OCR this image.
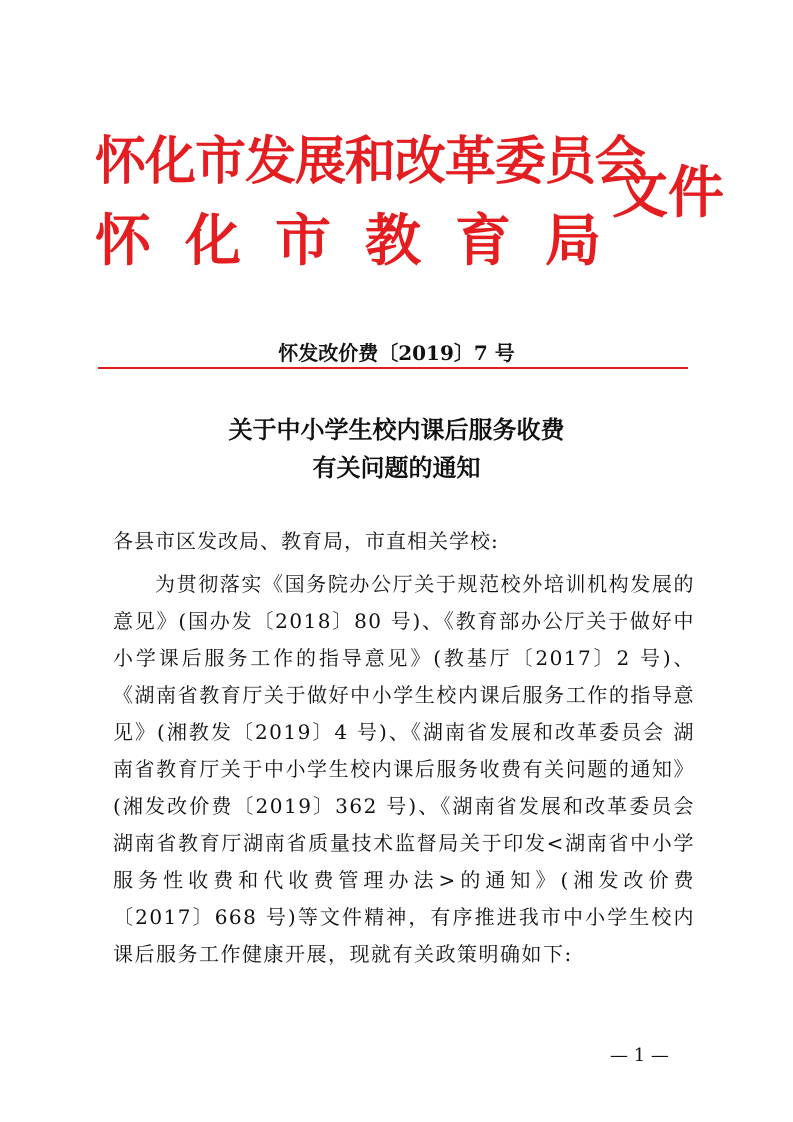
怀化市发展和改革委员会
怀化市教育局
文件
怀发改价费〔2019〕7 号
关于中小学生校内课后服务收费
有关问题的通知
各县市区发改局、教育局，市直相关学校:

为贯彻落实《国务院办公厅关于规范校外培训机构发展的意见》(国办发〔2018〕80 号)、《教育部办公厅关于做好中小学课后服务工作的指导意见》(教基厅〔2017〕2 号)、《湖南省教育厅关于做好中小学生校内课后服务工作的指导意见》(湘教发〔2019〕4 号)、《湖南省发展和改革委员会 湖南省教育厅关于中小学生校内课后服务收费有关问题的通知》(湘发改价费〔2019〕362 号)、《湖南省发展和改革委员会 湖南省教育厅湖南省质量技术监督局关于印发<湖南省中小学服务性收费和代收费管理办法>的通知》(湘发改价费〔2017〕668 号)等文件精神，有序推进我市中小学生校内课后服务工作健康开展，现就有关政策明确如下:

— 1 —
